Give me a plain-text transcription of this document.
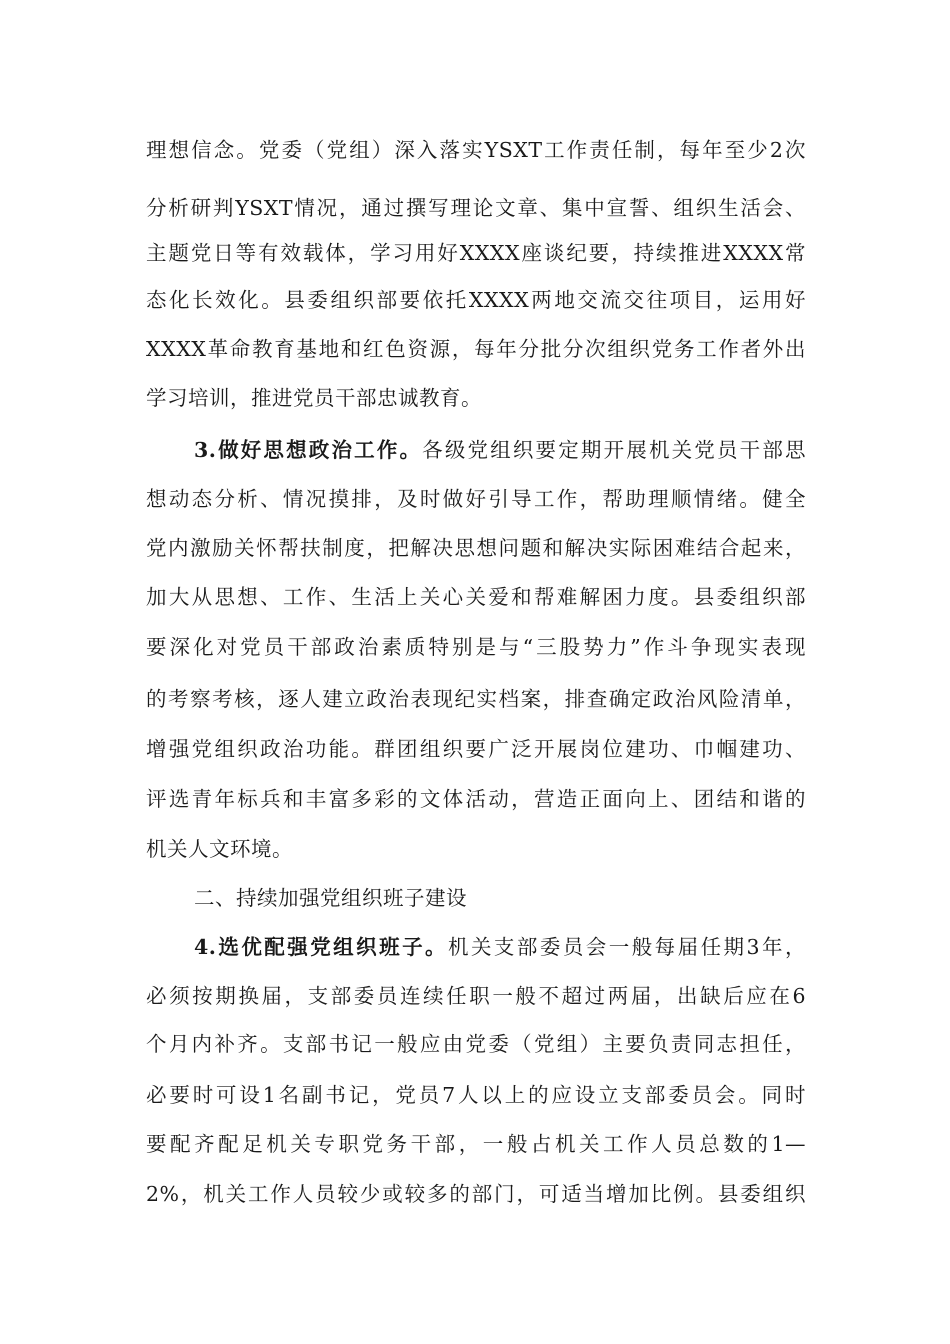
理想信念。党委（党组）深入落实YSXT工作责任制，每年至少2次
分析研判YSXT情况，通过撰写理论文章、集中宣誓、组织生活会、
主题党日等有效载体，学习用好XXXX座谈纪要，持续推进XXXX常
态化长效化。县委组织部要依托XXXX两地交流交往项目，运用好
XXXX革命教育基地和红色资源，每年分批分次组织党务工作者外出
学习培训，推进党员干部忠诚教育。
3.做好思想政治工作。各级党组织要定期开展机关党员干部思
想动态分析、情况摸排，及时做好引导工作，帮助理顺情绪。健全
党内激励关怀帮扶制度，把解决思想问题和解决实际困难结合起来，
加大从思想、工作、生活上关心关爱和帮难解困力度。县委组织部
要深化对党员干部政治素质特别是与“三股势力”作斗争现实表现
的考察考核，逐人建立政治表现纪实档案，排查确定政治风险清单，
增强党组织政治功能。群团组织要广泛开展岗位建功、巾帼建功、
评选青年标兵和丰富多彩的文体活动，营造正面向上、团结和谐的
机关人文环境。
二、持续加强党组织班子建设
4.选优配强党组织班子。机关支部委员会一般每届任期3年，
必须按期换届，支部委员连续任职一般不超过两届，出缺后应在6
个月内补齐。支部书记一般应由党委（党组）主要负责同志担任，
必要时可设1名副书记，党员7人以上的应设立支部委员会。同时
要配齐配足机关专职党务干部，一般占机关工作人员总数的1—
2%，机关工作人员较少或较多的部门，可适当增加比例。县委组织
